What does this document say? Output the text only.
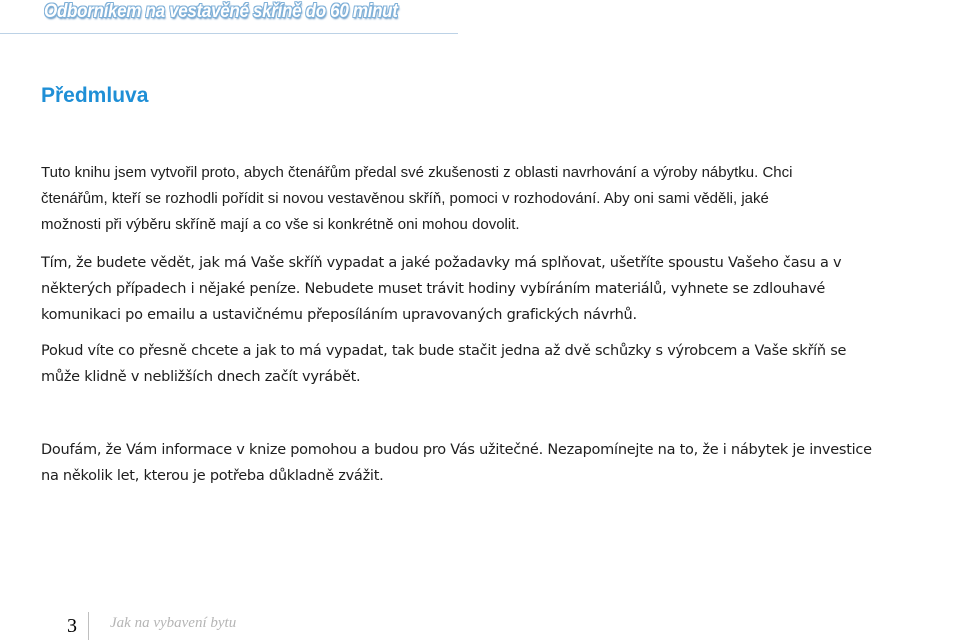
Odborníkem na vestavěné skříně do 60 minut
Předmluva
Tuto knihu jsem vytvořil proto, abych čtenářům předal své zkušenosti z oblasti navrhování a výroby nábytku. Chci
čtenářům, kteří se rozhodli pořídit si novou vestavěnou skříň, pomoci v rozhodování. Aby oni sami věděli, jaké
možnosti při výběru skříně mají a co vše si konkrétně oni mohou dovolit.
Tím, že budete vědět, jak má Vaše skříň vypadat a jaké požadavky má splňovat, ušetříte spoustu Vašeho času a v
některých případech i nějaké peníze. Nebudete muset trávit hodiny vybíráním materiálů, vyhnete se zdlouhavé
komunikaci po emailu a ustavičnému přeposíláním upravovaných grafických návrhů.
Pokud víte co přesně chcete a jak to má vypadat, tak bude stačit jedna až dvě schůzky s výrobcem a Vaše skříň se
může klidně v nebližších dnech začít vyrábět.
Doufám, že Vám informace v knize pomohou a budou pro Vás užitečné. Nezapomínejte na to, že i nábytek je investice
na několik let, kterou je potřeba důkladně zvážit.
3 Jak na vybavení bytu
